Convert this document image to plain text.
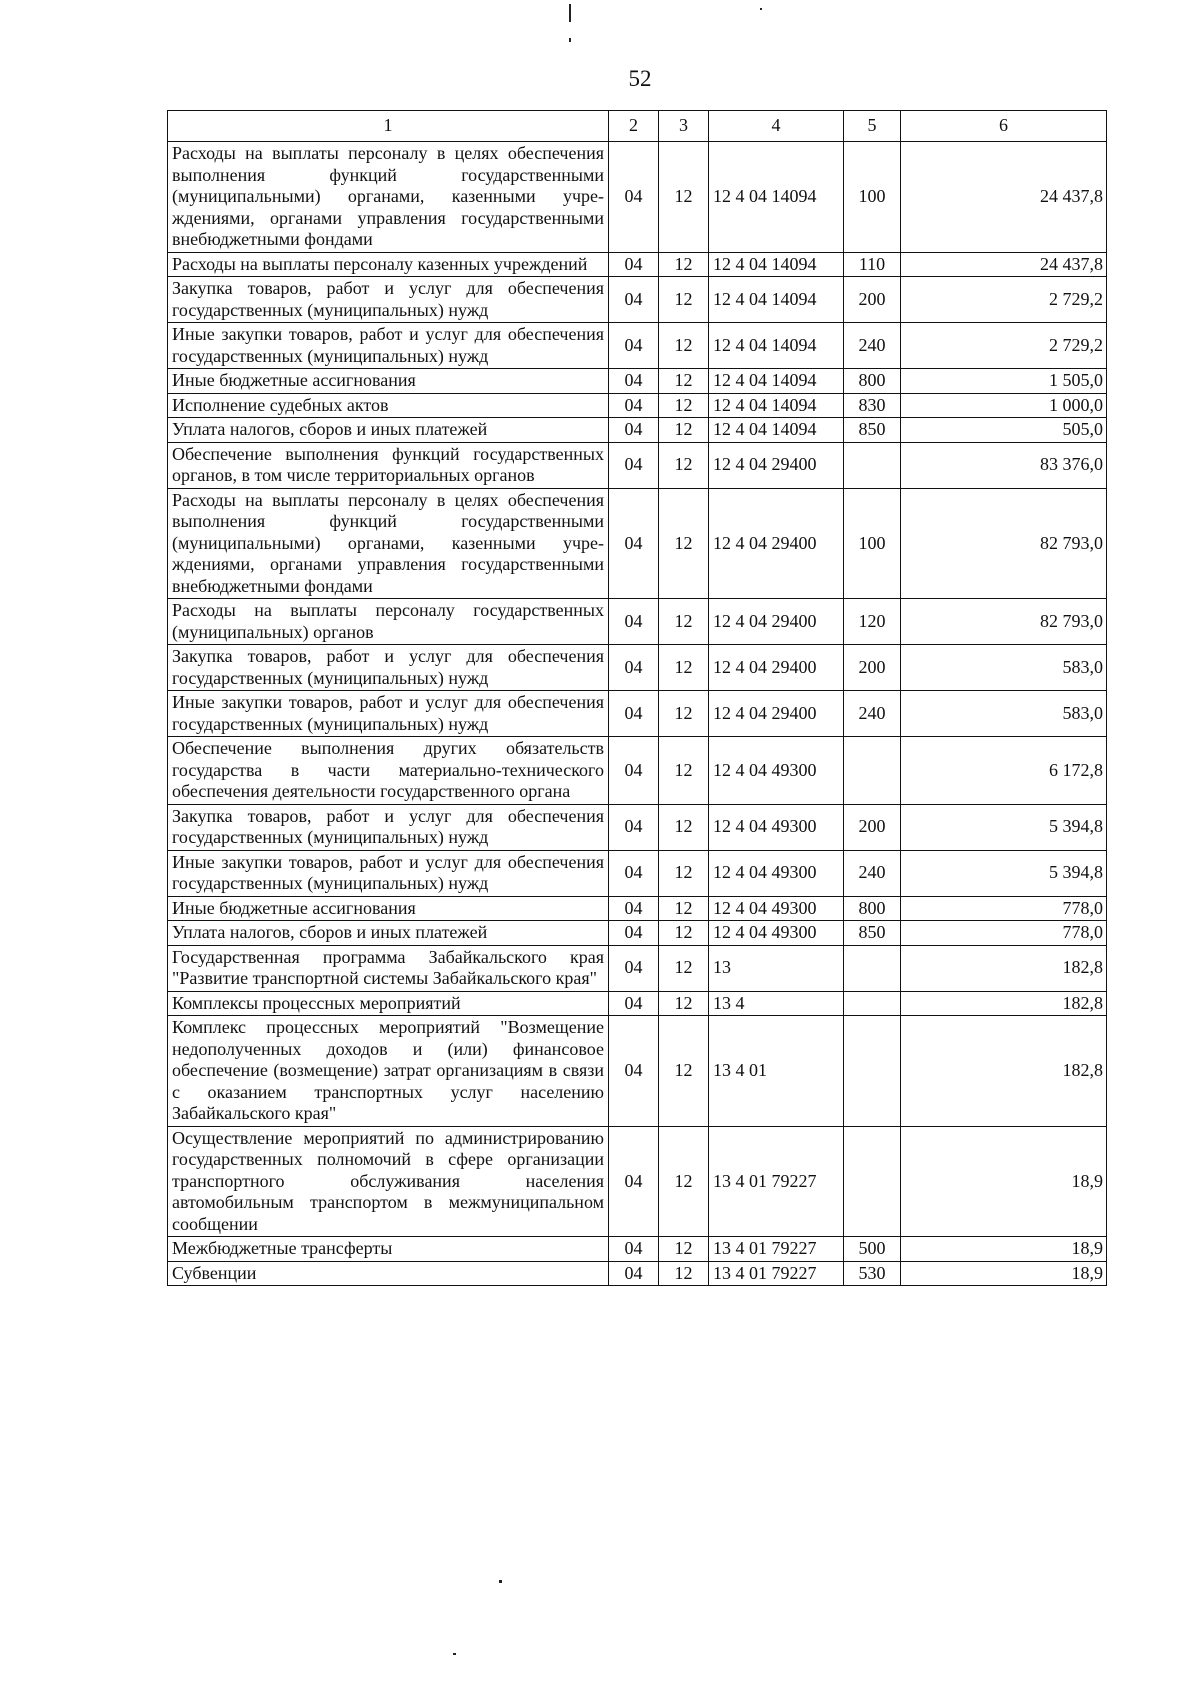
52
1	2	3	4	5	6
Расходы на выплаты персоналу в целях обеспечения выполнения функций государственными (муниципальными) органами, казенными учреждениями, органами управления государственными внебюджетными фондами	04	12	12 4 04 14094	100	24 437,8
Расходы на выплаты персоналу казенных учреждений	04	12	12 4 04 14094	110	24 437,8
Закупка товаров, работ и услуг для обеспечения государственных (муниципальных) нужд	04	12	12 4 04 14094	200	2 729,2
Иные закупки товаров, работ и услуг для обеспечения государственных (муниципальных) нужд	04	12	12 4 04 14094	240	2 729,2
Иные бюджетные ассигнования	04	12	12 4 04 14094	800	1 505,0
Исполнение судебных актов	04	12	12 4 04 14094	830	1 000,0
Уплата налогов, сборов и иных платежей	04	12	12 4 04 14094	850	505,0
Обеспечение выполнения функций государственных органов, в том числе территориальных органов	04	12	12 4 04 29400		83 376,0
Расходы на выплаты персоналу в целях обеспечения выполнения функций государственными (муниципальными) органами, казенными учреждениями, органами управления государственными внебюджетными фондами	04	12	12 4 04 29400	100	82 793,0
Расходы на выплаты персоналу государственных (муниципальных) органов	04	12	12 4 04 29400	120	82 793,0
Закупка товаров, работ и услуг для обеспечения государственных (муниципальных) нужд	04	12	12 4 04 29400	200	583,0
Иные закупки товаров, работ и услуг для обеспечения государственных (муниципальных) нужд	04	12	12 4 04 29400	240	583,0
Обеспечение выполнения других обязательств государства в части материально-технического обеспечения деятельности государственного органа	04	12	12 4 04 49300		6 172,8
Закупка товаров, работ и услуг для обеспечения государственных (муниципальных) нужд	04	12	12 4 04 49300	200	5 394,8
Иные закупки товаров, работ и услуг для обеспечения государственных (муниципальных) нужд	04	12	12 4 04 49300	240	5 394,8
Иные бюджетные ассигнования	04	12	12 4 04 49300	800	778,0
Уплата налогов, сборов и иных платежей	04	12	12 4 04 49300	850	778,0
Государственная программа Забайкальского края "Развитие транспортной системы Забайкальского края"	04	12	13		182,8
Комплексы процессных мероприятий	04	12	13 4		182,8
Комплекс процессных мероприятий "Возмещение недополученных доходов и (или) финансовое обеспечение (возмещение) затрат организациям в связи с оказанием транспортных услуг населению Забайкальского края"	04	12	13 4 01		182,8
Осуществление мероприятий по администрированию государственных полномочий в сфере организации транспортного обслуживания населения автомобильным транспортом в межмуниципальном сообщении	04	12	13 4 01 79227		18,9
Межбюджетные трансферты	04	12	13 4 01 79227	500	18,9
Субвенции	04	12	13 4 01 79227	530	18,9
